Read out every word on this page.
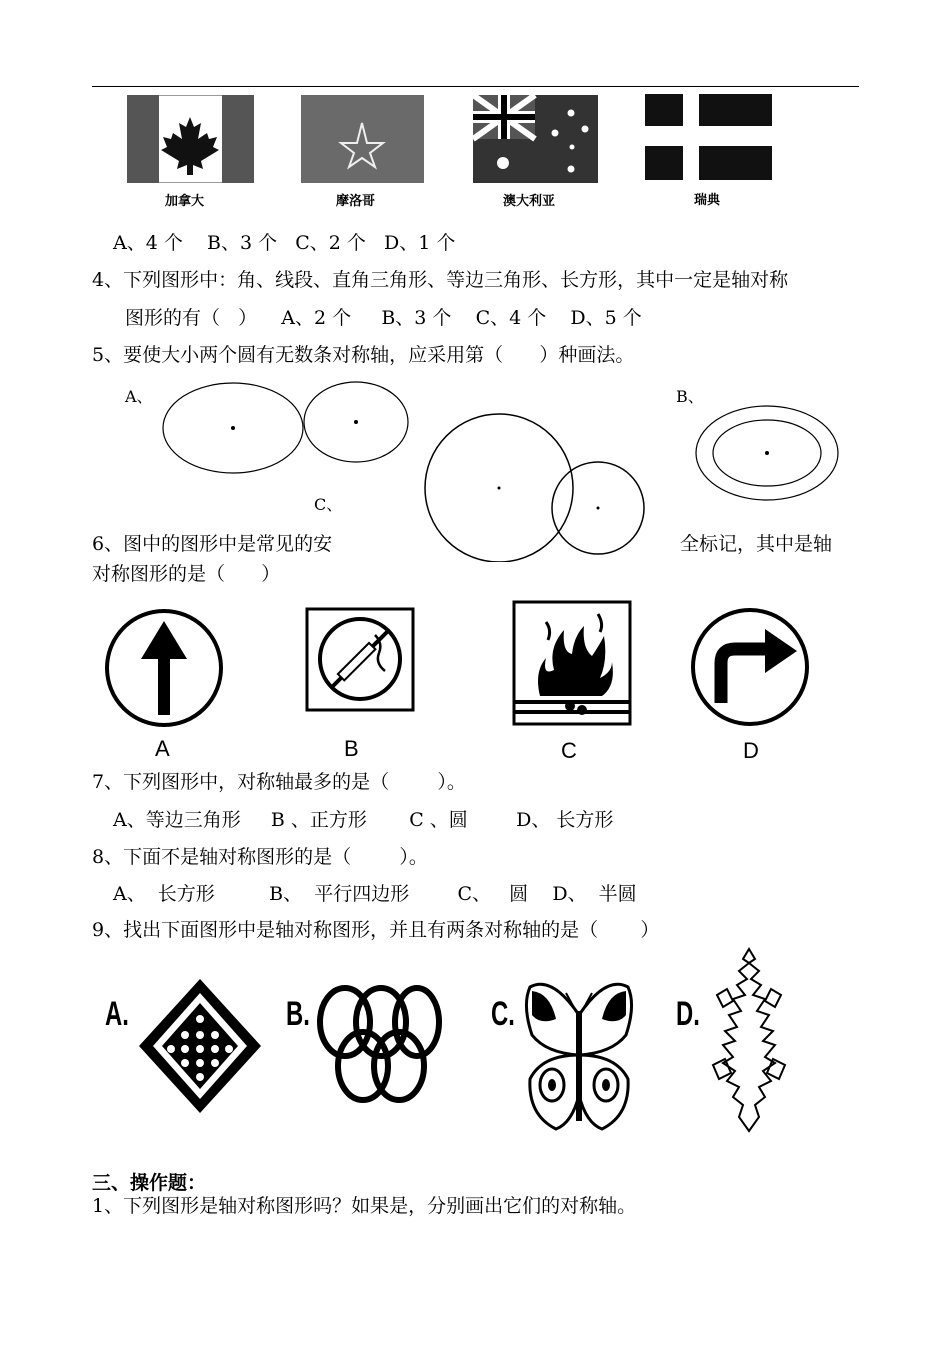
加拿大	摩洛哥	澳大利亚	瑞典
A、4 个    B、3 个   C、2 个   D、1 个
4、下列图形中：角、线段、直角三角形、等边三角形、长方形，其中一定是轴对称
图形的有（   ）    A、2 个     B、3 个    C、4 个    D、5 个
5、要使大小两个圆有无数条对称轴，应采用第（      ）种画法。
A、	B、
C、
6、图中的图形中是常见的安	全标记，其中是轴
对称图形的是（      ）
A	B	C	D
7、下列图形中，对称轴最多的是（        ）。
A、等边三角形     B 、正方形       C 、圆        D、 长方形
8、下面不是轴对称图形的是（        ）。
A、  长方形         B、  平行四边形        C、   圆    D、  半圆
9、找出下面图形中是轴对称图形，并且有两条对称轴的是（       ）
A.	B.	C.	D.
三、操作题：
1、下列图形是轴对称图形吗？如果是，分别画出它们的对称轴。
